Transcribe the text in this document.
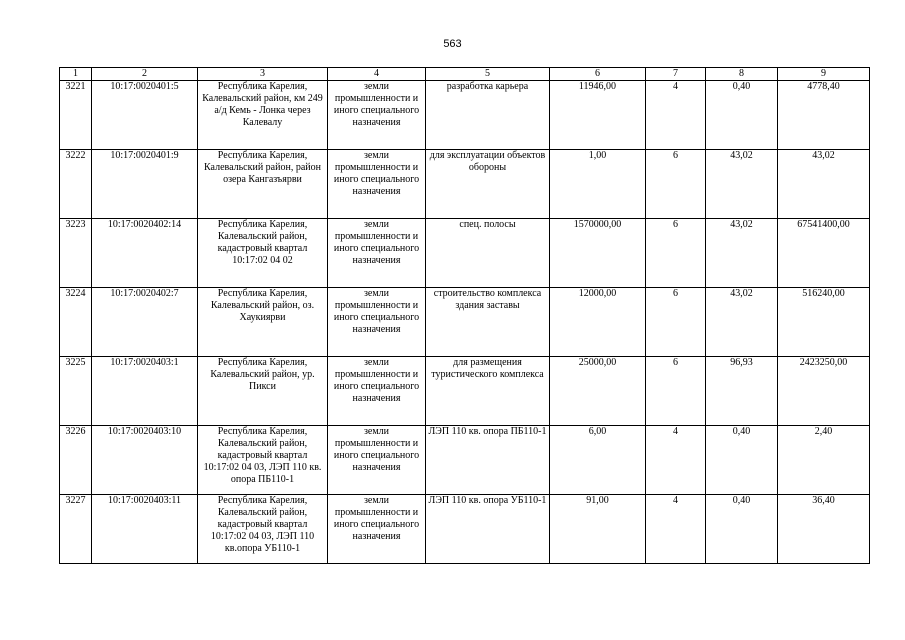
563
1	2	3	4	5	6	7	8	9
3221	10:17:0020401:5	Республика Карелия, Калевальский район, км 249 а/д Кемь - Лонка через Калевалу	земли промышленности и иного специального назначения	разработка карьера	11946,00	4	0,40	4778,40
3222	10:17:0020401:9	Республика Карелия, Калевальский район, район озера Кангазъярви	земли промышленности и иного специального назначения	для эксплуатации объектов обороны	1,00	6	43,02	43,02
3223	10:17:0020402:14	Республика Карелия, Калевальский район, кадастровый квартал 10:17:02 04 02	земли промышленности и иного специального назначения	спец. полосы	1570000,00	6	43,02	67541400,00
3224	10:17:0020402:7	Республика Карелия, Калевальский район, оз. Хаукиярви	земли промышленности и иного специального назначения	строительство комплекса здания заставы	12000,00	6	43,02	516240,00
3225	10:17:0020403:1	Республика Карелия, Калевальский район, ур. Пикси	земли промышленности и иного специального назначения	для размещения туристического комплекса	25000,00	6	96,93	2423250,00
3226	10:17:0020403:10	Республика Карелия, Калевальский район, кадастровый квартал 10:17:02 04 03, ЛЭП 110 кв. опора ПБ110-1	земли промышленности и иного специального назначения	ЛЭП 110 кв. опора ПБ110-1	6,00	4	0,40	2,40
3227	10:17:0020403:11	Республика Карелия, Калевальский район, кадастровый квартал 10:17:02 04 03, ЛЭП 110 кв.опора УБ110-1	земли промышленности и иного специального назначения	ЛЭП 110 кв. опора УБ110-1	91,00	4	0,40	36,40
